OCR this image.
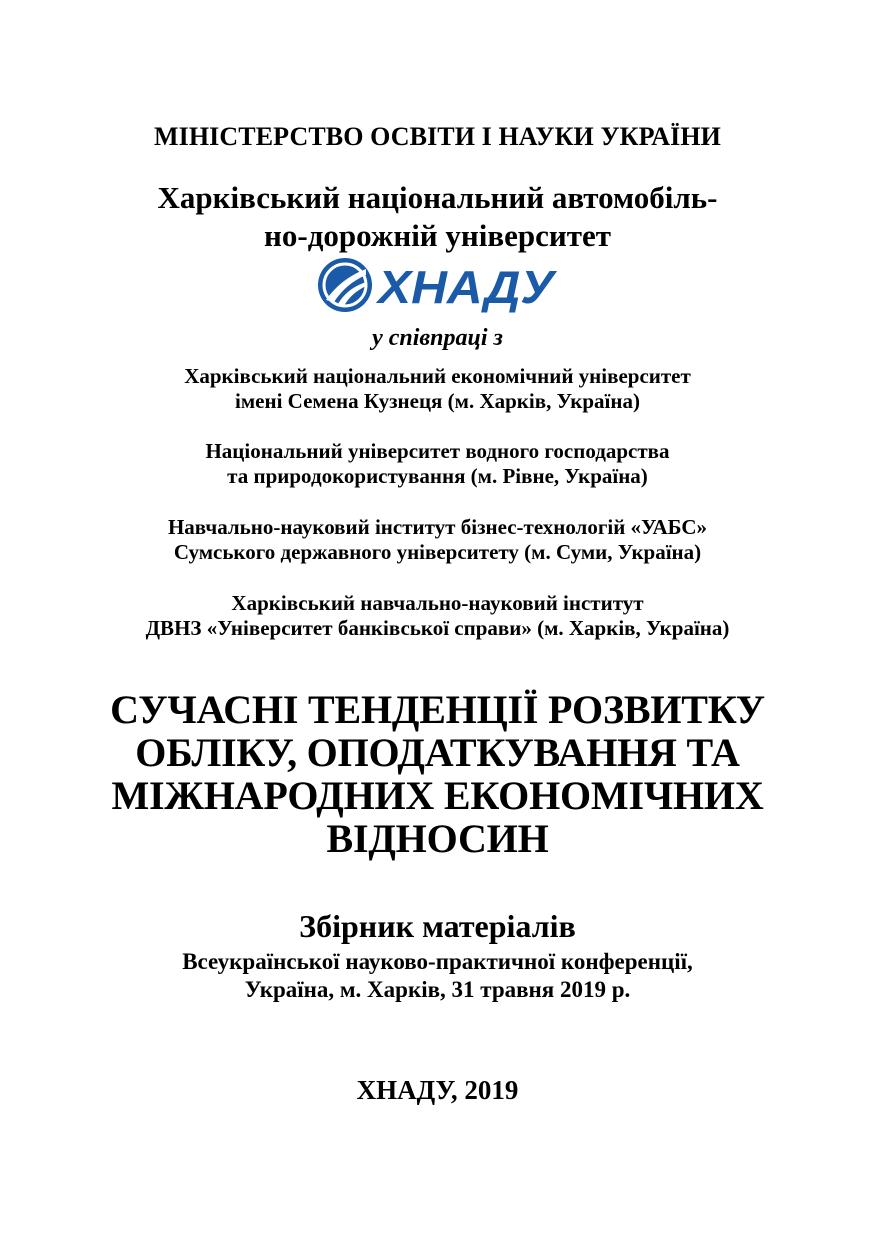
МІНІСТЕРСТВО ОСВІТИ І НАУКИ УКРАЇНИ
Харківський національний автомобіль-
но-дорожній університет
ХНАДУ
у співпраці з
Харківський національний економічний університет
імені Семена Кузнеця (м. Харків, Україна)
Національний університет водного господарства
та природокористування (м. Рівне, Україна)
Навчально-науковий інститут бізнес-технологій «УАБС»
Сумського державного університету (м. Суми, Україна)
Харківський навчально-науковий інститут
ДВНЗ «Університет банківської справи» (м. Харків, Україна)
СУЧАСНІ ТЕНДЕНЦІЇ РОЗВИТКУ
ОБЛІКУ, ОПОДАТКУВАННЯ ТА
МІЖНАРОДНИХ ЕКОНОМІЧНИХ
ВІДНОСИН
Збірник матеріалів
Всеукраїнської науково-практичної конференції,
Україна, м. Харків, 31 травня 2019 р.
ХНАДУ, 2019
